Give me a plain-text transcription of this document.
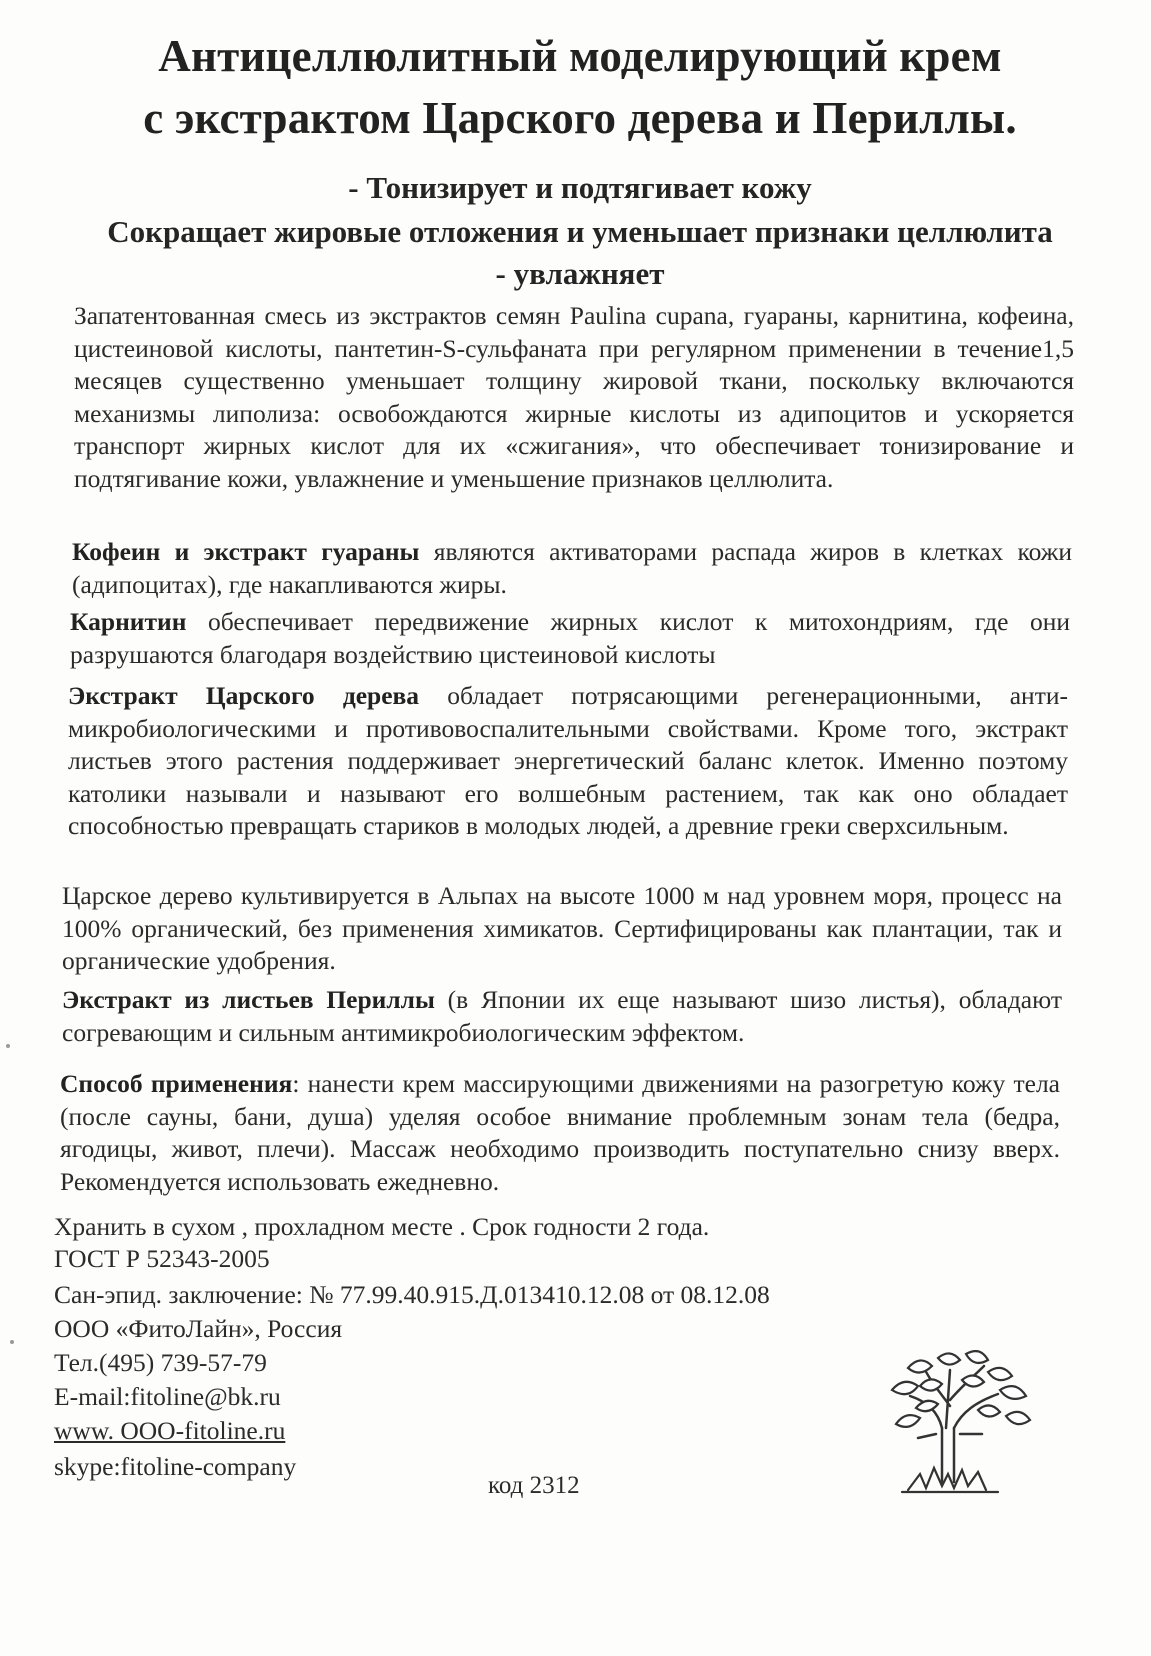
Антицеллюлитный моделирующий крем
с экстрактом Царского дерева и Периллы.

- Тонизирует и подтягивает кожу

Сокращает жировые отложения и уменьшает признаки целлюлита

- увлажняет

Запатентованная смесь из экстрактов семян Paulina cupana, гуараны, карнитина, кофеина, цистеиновой кислоты, пантетин-S-сульфаната при регулярном применении в течение1,5 месяцев существенно уменьшает толщину жировой ткани, поскольку включаются механизмы липолиза: освобождаются жирные кислоты из адипоцитов и ускоряется транспорт жирных кислот для их «сжигания», что обеспечивает тонизирование и подтягивание кожи, увлажнение и уменьшение признаков целлюлита.

Кофеин и экстракт гуараны являются активаторами распада жиров в клетках кожи (адипоцитах), где накапливаются жиры.

Карнитин обеспечивает передвижение жирных кислот к митохондриям, где они разрушаются благодаря воздействию цистеиновой кислоты

Экстракт Царского дерева обладает потрясающими регенерационными, антимикробиологическими и противовоспалительными свойствами. Кроме того, экстракт листьев этого растения поддерживает энергетический баланс клеток. Именно поэтому католики называли и называют его волшебным растением, так как оно обладает способностью превращать стариков в молодых людей, а древние греки сверхсильным.

Царское дерево культивируется в Альпах на высоте 1000 м над уровнем моря, процесс на 100% органический, без применения химикатов. Сертифицированы как плантации, так и органические удобрения.

Экстракт из листьев Периллы (в Японии их еще называют шизо листья), обладают согревающим и сильным антимикробиологическим эффектом.

Способ применения: нанести крем массирующими движениями на разогретую кожу тела (после сауны, бани, душа) уделяя особое внимание проблемным зонам тела (бедра, ягодицы, живот, плечи). Массаж необходимо производить поступательно снизу вверх. Рекомендуется использовать ежедневно.

Хранить в сухом , прохладном месте . Срок годности 2 года.
ГОСТ Р 52343-2005
Сан-эпид. заключение: № 77.99.40.915.Д.013410.12.08 от 08.12.08
ООО «ФитоЛайн», Россия
Тел.(495) 739-57-79
E-mail:fitoline@bk.ru
www. OOO-fitoline.ru
skype:fitoline-company
код 2312
